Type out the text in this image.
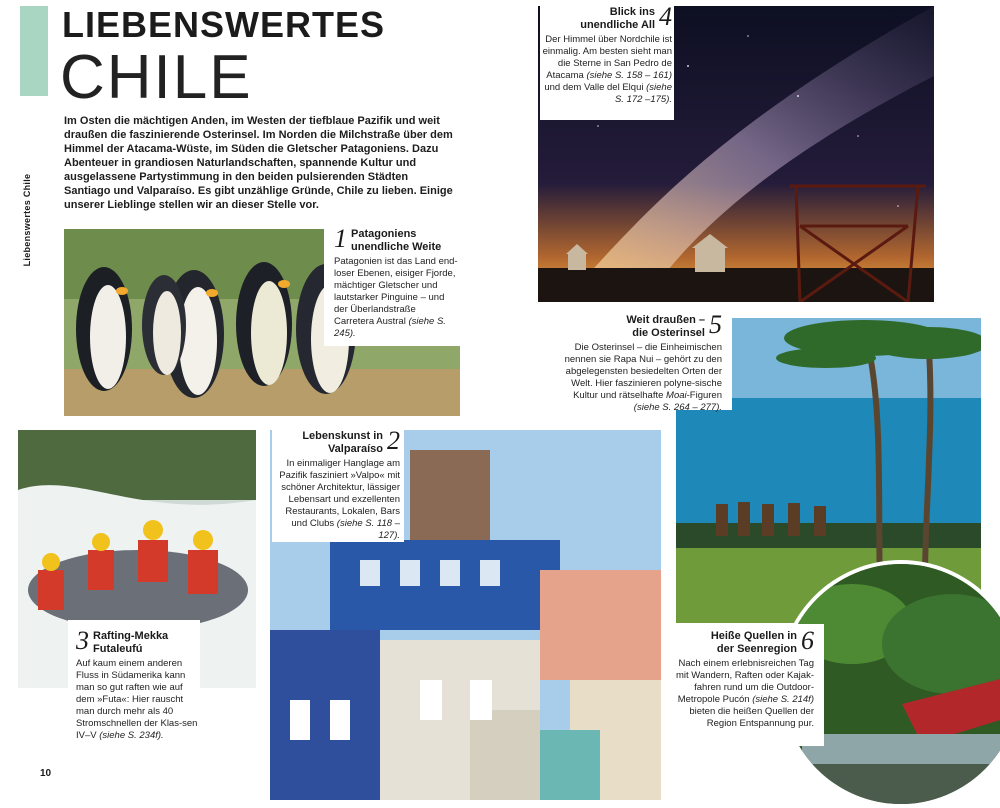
Liebenswertes Chile
LIEBENSWERTES
CHILE
Im Osten die mächtigen Anden, im Westen der tiefblaue Pazifik und weit draußen die faszinierende Osterinsel. Im Norden die Milchstraße über dem Himmel der Atacama-Wüste, im Süden die Gletscher Patagoniens. Dazu Abenteuer in grandiosen Naturlandschaften, spannende Kultur und ausgelassene Partystimmung in den beiden pulsierenden Städten Santiago und Valparaíso. Es gibt unzählige Gründe, Chile zu lieben. Einige unserer Lieblinge stellen wir an dieser Stelle vor.
Blick ins
unendliche All 4
Der Himmel über Nordchile ist einmalig. Am besten sieht man die Sterne in San Pedro de Atacama (siehe S. 158 – 161) und dem Valle del Elqui (siehe S. 172 –175).
1 Patagoniens
unendliche Weite
Patagonien ist das Land end-loser Ebenen, eisiger Fjorde, mächtiger Gletscher und lautstarker Pinguine – und der Überlandstraße Carretera Austral (siehe S. 245).
Weit draußen –
die Osterinsel 5
Die Osterinsel – die Einheimischen nennen sie Rapa Nui – gehört zu den abgelegensten besiedelten Orten der Welt. Hier faszinieren polyne-sische Kultur und rätselhafte Moai-Figuren (siehe S. 264 – 277).
3 Rafting-Mekka
Futaleufú
Auf kaum einem anderen Fluss in Südamerika kann man so gut raften wie auf dem »Futa«: Hier rauscht man durch mehr als 40 Stromschnellen der Klas-sen IV–V (siehe S. 234f).
Lebenskunst in
Valparaíso 2
In einmaliger Hanglage am Pazifik fasziniert »Valpo« mit schöner Architektur, lässiger Lebensart und exzellenten Restaurants, Lokalen, Bars und Clubs (siehe S. 118 –127).
Heiße Quellen in
der Seenregion 6
Nach einem erlebnisreichen Tag mit Wandern, Raften oder Kajak-fahren rund um die Outdoor-Metropole Pucón (siehe S. 214f) bieten die heißen Quellen der Region Entspannung pur.
10
